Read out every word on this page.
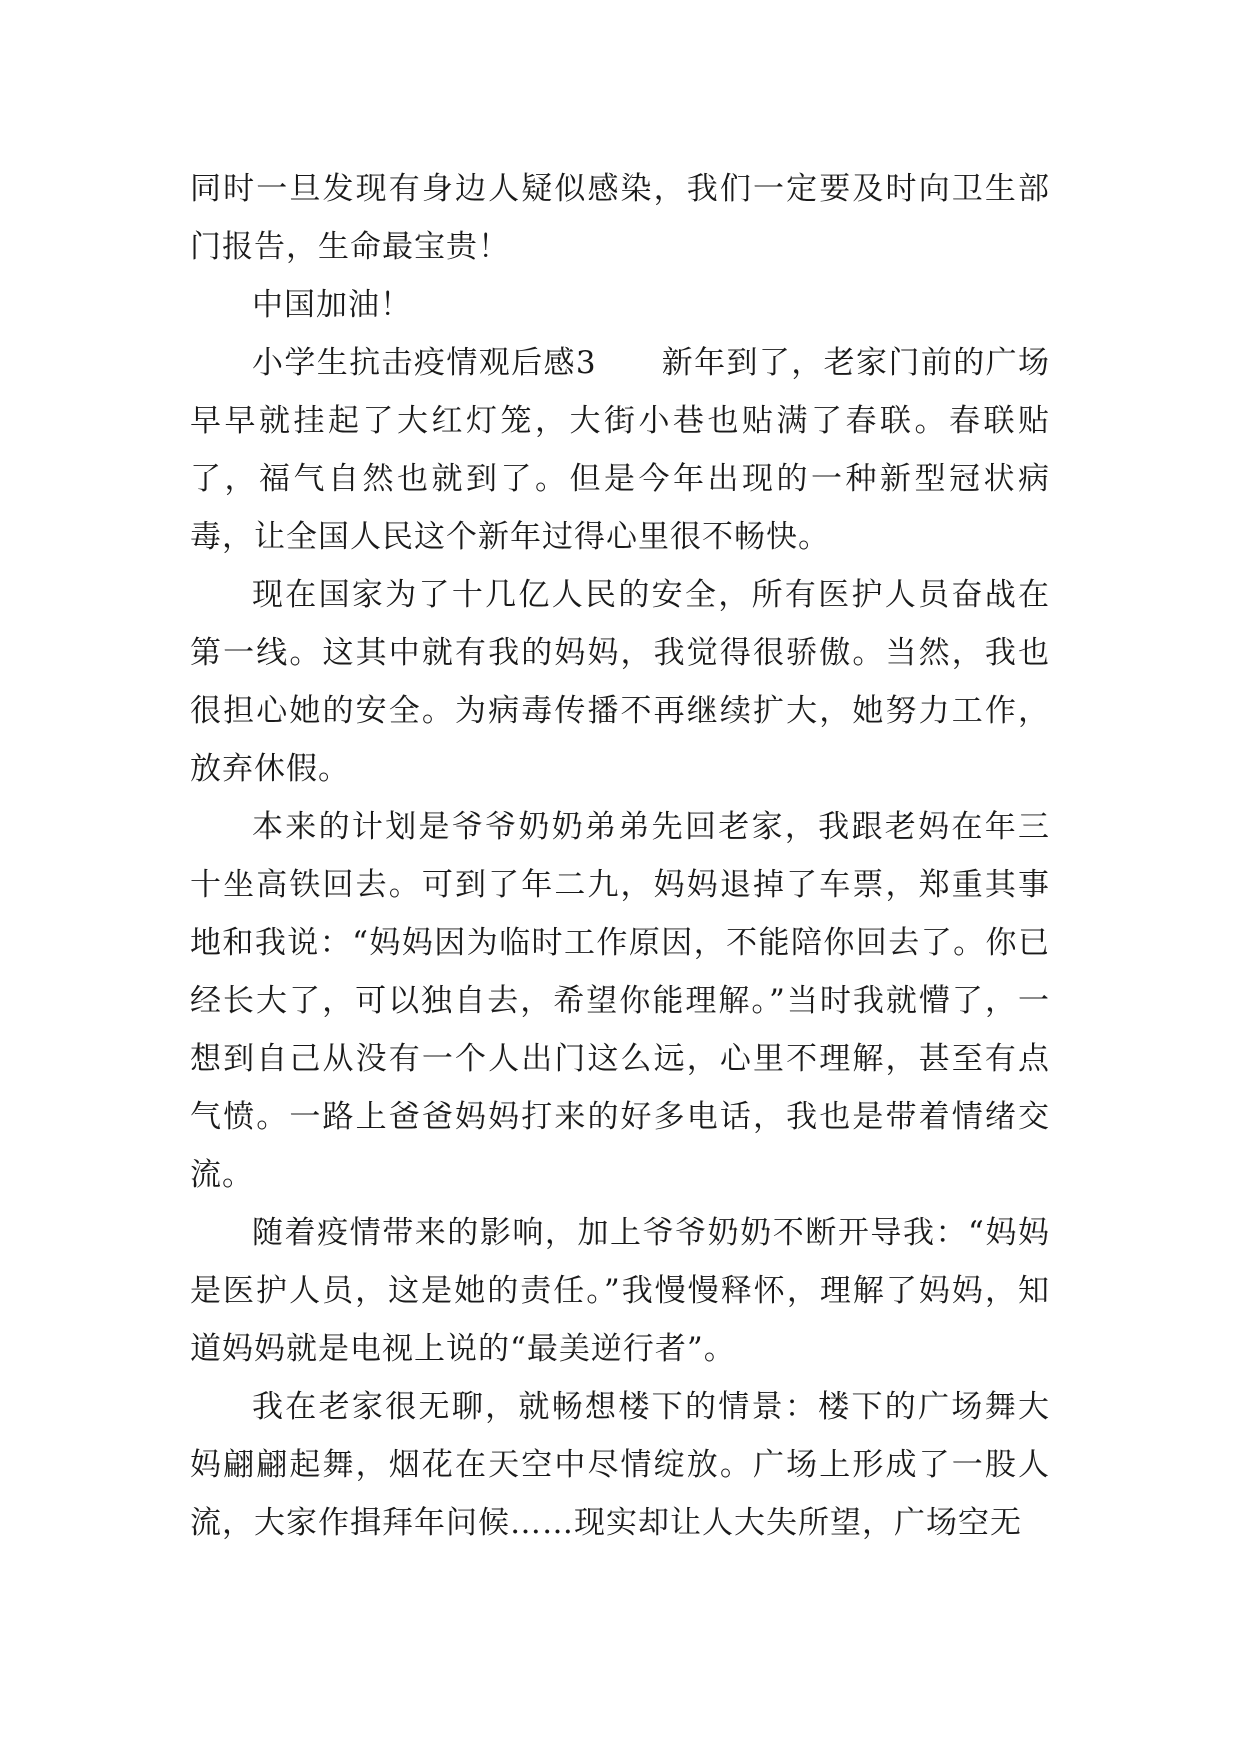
同时一旦发现有身边人疑似感染，我们一定要及时向卫生部门报告，生命最宝贵！

中国加油！

小学生抗击疫情观后感3　　新年到了，老家门前的广场早早就挂起了大红灯笼，大街小巷也贴满了春联。春联贴了，福气自然也就到了。但是今年出现的一种新型冠状病毒，让全国人民这个新年过得心里很不畅快。

现在国家为了十几亿人民的安全，所有医护人员奋战在第一线。这其中就有我的妈妈，我觉得很骄傲。当然，我也很担心她的安全。为病毒传播不再继续扩大，她努力工作，放弃休假。

本来的计划是爷爷奶奶弟弟先回老家，我跟老妈在年三十坐高铁回去。可到了年二九，妈妈退掉了车票，郑重其事地和我说：“妈妈因为临时工作原因，不能陪你回去了。你已经长大了，可以独自去，希望你能理解。”当时我就懵了，一想到自己从没有一个人出门这么远，心里不理解，甚至有点气愤。一路上爸爸妈妈打来的好多电话，我也是带着情绪交流。

随着疫情带来的影响，加上爷爷奶奶不断开导我：“妈妈是医护人员，这是她的责任。”我慢慢释怀，理解了妈妈，知道妈妈就是电视上说的“最美逆行者”。

我在老家很无聊，就畅想楼下的情景：楼下的广场舞大妈翩翩起舞，烟花在天空中尽情绽放。广场上形成了一股人流，大家作揖拜年问候……现实却让人大失所望，广场空无
